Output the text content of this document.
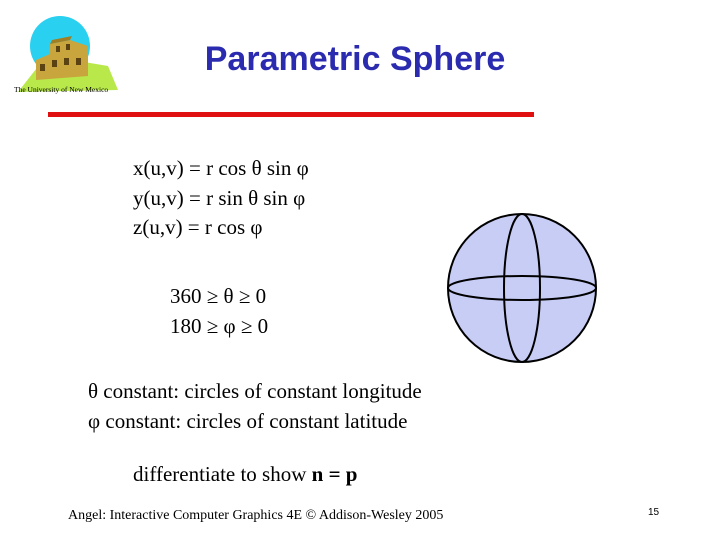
The University of New Mexico
Parametric Sphere
x(u,v) = r cos θ sin φ
y(u,v) = r sin θ sin φ
z(u,v) = r cos φ
360 ≥ θ ≥ 0
180 ≥ φ ≥ 0
θ constant: circles of constant longitude
φ constant: circles of constant latitude
differentiate to show n = p
Angel: Interactive Computer Graphics 4E © Addison-Wesley 2005	15
